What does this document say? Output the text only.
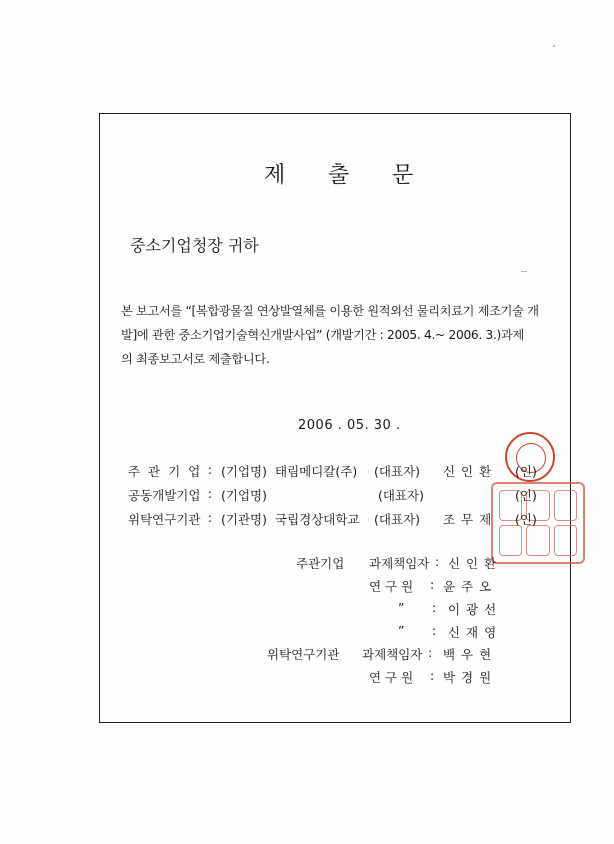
제 출 문
중소기업청장 귀하
본 보고서를 “[복합광물질 연상발열체를 이용한 원적외선 물리치료기 제조기술 개
발]에 관한 중소기업기술혁신개발사업” (개발기간 : 2005. 4.~ 2006. 3.)과제
의 최종보고서로 제출합니다.
2006 . 05. 30 .
주 관 기 업 : (기업명) 태림메디칼(주) (대표자) 신 인 환 (인)
공동개발기업 : (기업명)	(대표자)	(인)
위탁연구기관 : (기관명) 국립경상대학교 (대표자) 조 무 제 (인)
주관기업 과제책임자 : 신 인 환
연 구 원 : 윤 주 오
” : 이 광 선
” : 신 재 영
위탁연구기관 과제책임자 : 백 우 현
연 구 원 : 박 경 원
